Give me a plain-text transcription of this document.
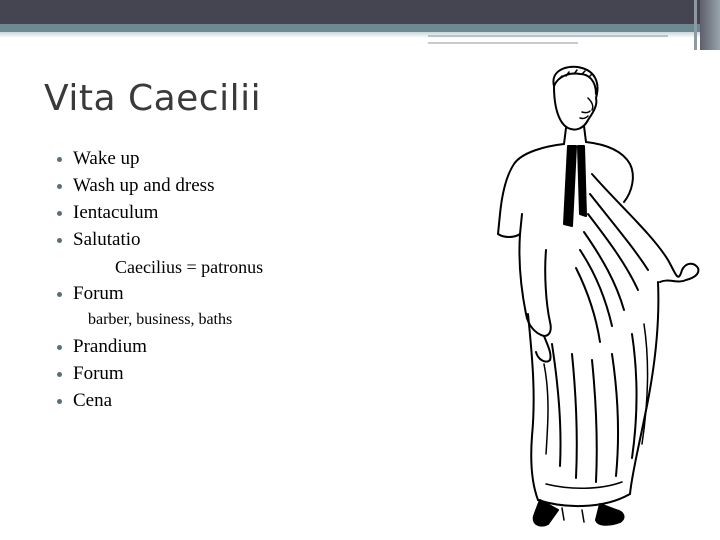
Vita Caecilii
Wake up
Wash up and dress
Ientaculum
Salutatio
Caecilius = patronus
Forum
barber, business, baths
Prandium
Forum
Cena
